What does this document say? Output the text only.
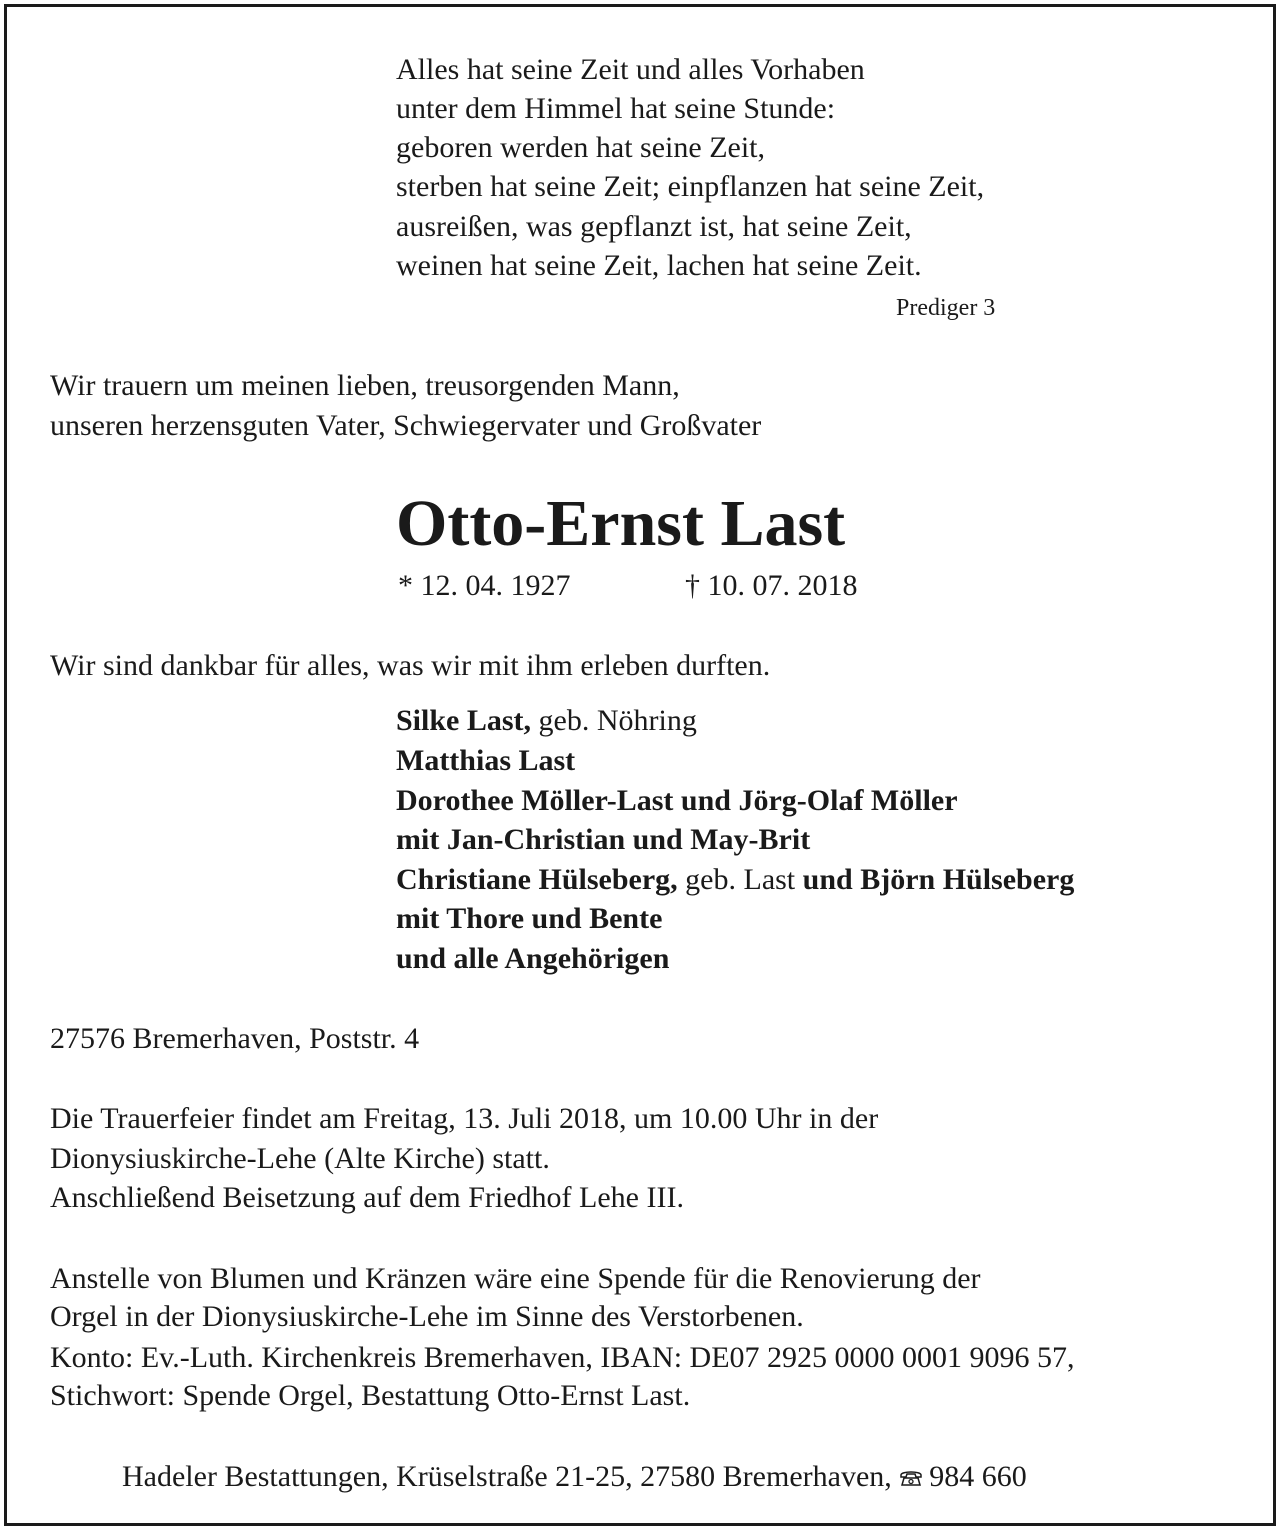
Alles hat seine Zeit und alles Vorhaben
unter dem Himmel hat seine Stunde:
geboren werden hat seine Zeit,
sterben hat seine Zeit; einpflanzen hat seine Zeit,
ausreißen, was gepflanzt ist, hat seine Zeit,
weinen hat seine Zeit, lachen hat seine Zeit.
Prediger 3
Wir trauern um meinen lieben, treusorgenden Mann,
unseren herzensguten Vater, Schwiegervater und Großvater
Otto-Ernst Last
* 12. 04. 1927	† 10. 07. 2018
Wir sind dankbar für alles, was wir mit ihm erleben durften.
Silke Last, geb. Nöhring
Matthias Last
Dorothee Möller-Last und Jörg-Olaf Möller
mit Jan-Christian und May-Brit
Christiane Hülseberg, geb. Last und Björn Hülseberg
mit Thore und Bente
und alle Angehörigen
27576 Bremerhaven, Poststr. 4
Die Trauerfeier findet am Freitag, 13. Juli 2018, um 10.00 Uhr in der
Dionysiuskirche-Lehe (Alte Kirche) statt.
Anschließend Beisetzung auf dem Friedhof Lehe III.
Anstelle von Blumen und Kränzen wäre eine Spende für die Renovierung der
Orgel in der Dionysiuskirche-Lehe im Sinne des Verstorbenen.
Konto: Ev.-Luth. Kirchenkreis Bremerhaven, IBAN: DE07 2925 0000 0001 9096 57,
Stichwort: Spende Orgel, Bestattung Otto-Ernst Last.
Hadeler Bestattungen, Krüselstraße 21-25, 27580 Bremerhaven, 984 660
